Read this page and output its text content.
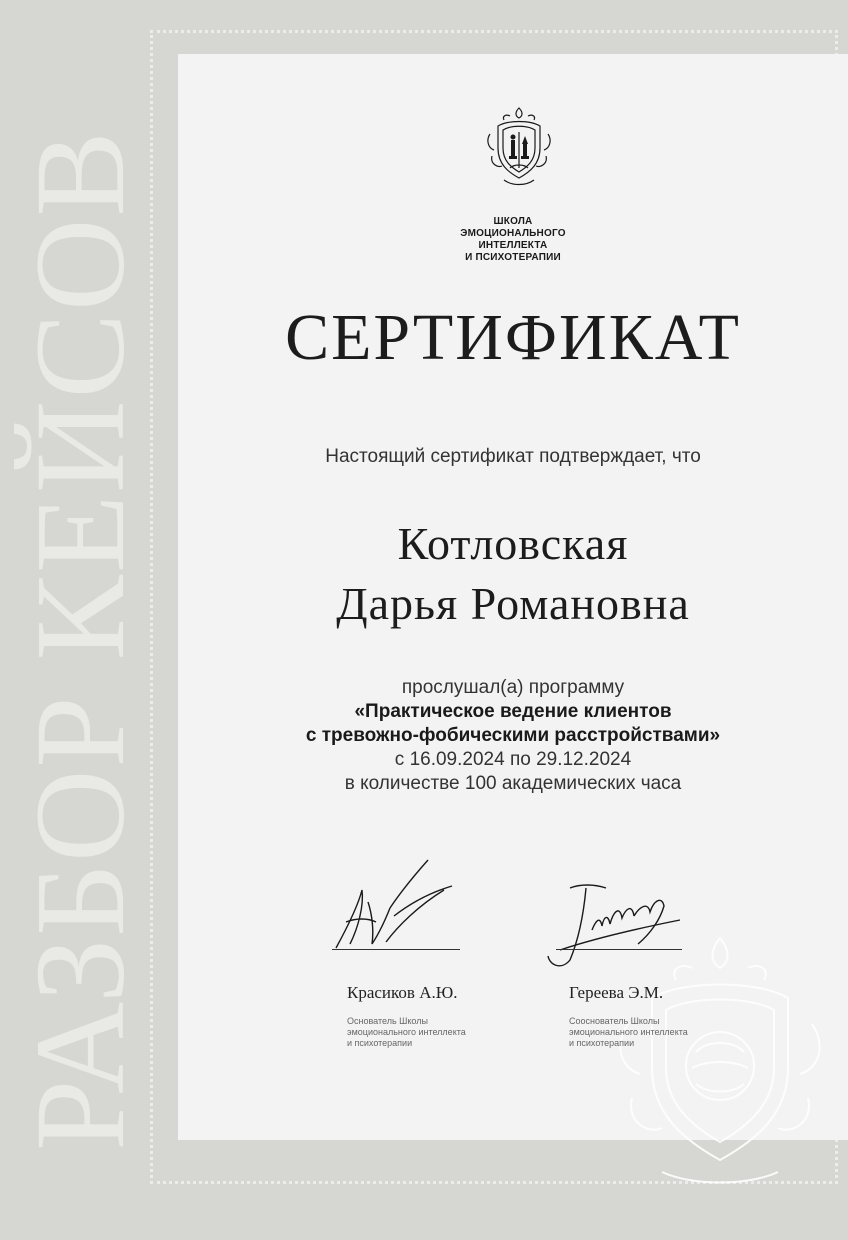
РАЗБОР КЕЙСОВ	ШКОЛА
ЭМОЦИОНАЛЬНОГО
ИНТЕЛЛЕКТА
И ПСИХОТЕРАПИИ
СЕРТИФИКАТ
Настоящий сертификат подтверждает, что
Котловская
Дарья Романовна
прослушал(а) программу
«Практическое ведение клиентов
с тревожно-фобическими расстройствами»
с 16.09.2024 по 29.12.2024
в количестве 100 академических часа
Красиков А.Ю.
Основатель Школы
эмоционального интеллекта
и психотерапии
Гереева Э.М.
Сооснователь Школы
эмоционального интеллекта
и психотерапии
